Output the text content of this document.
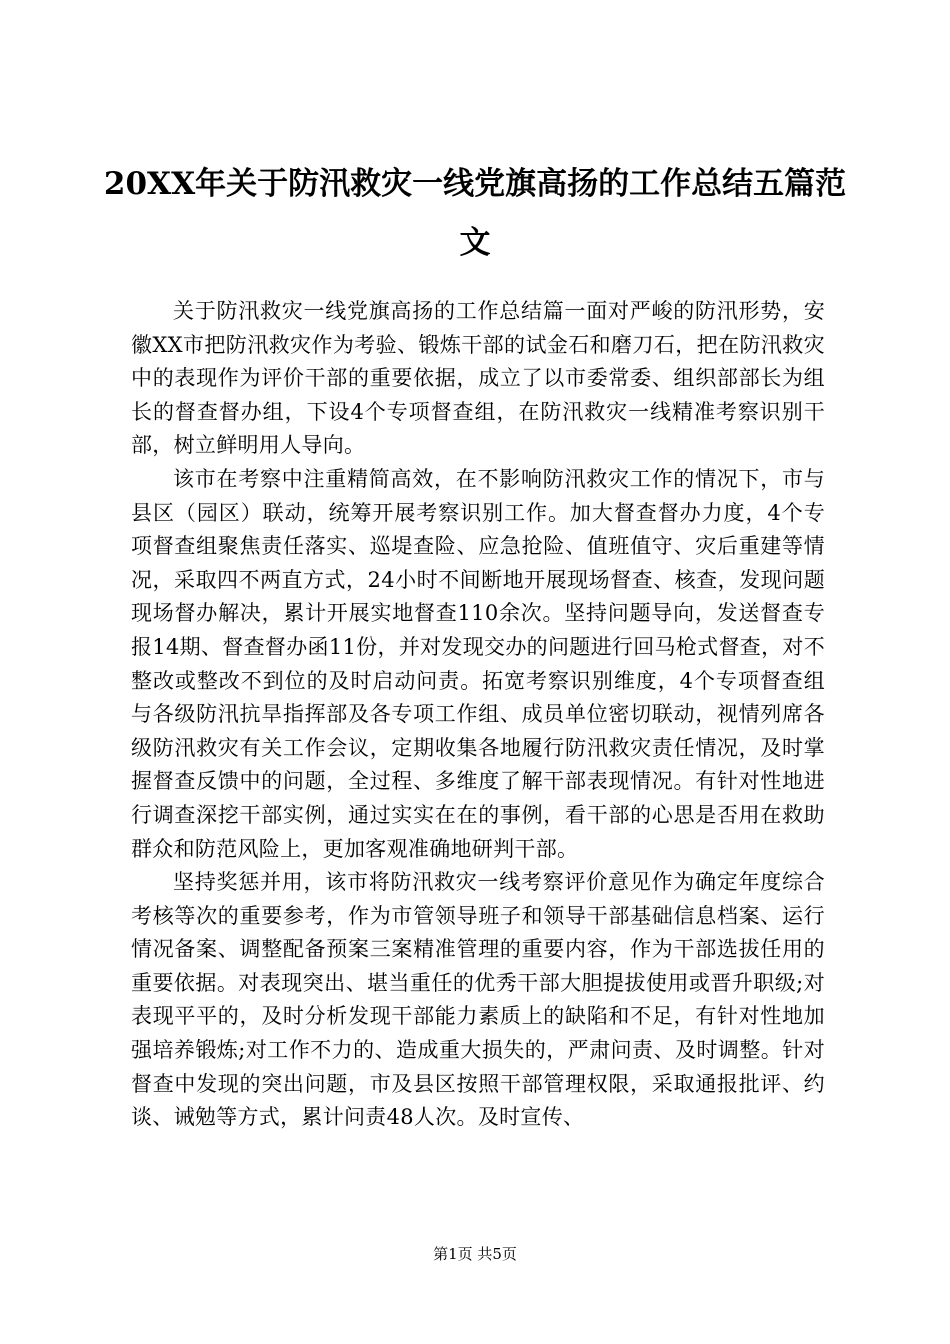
20XX年关于防汛救灾一线党旗高扬的工作总结五篇范文

关于防汛救灾一线党旗高扬的工作总结篇一面对严峻的防汛形势，安徽XX市把防汛救灾作为考验、锻炼干部的试金石和磨刀石，把在防汛救灾中的表现作为评价干部的重要依据，成立了以市委常委、组织部部长为组长的督查督办组，下设4个专项督查组，在防汛救灾一线精准考察识别干部，树立鲜明用人导向。

该市在考察中注重精简高效，在不影响防汛救灾工作的情况下，市与县区（园区）联动，统筹开展考察识别工作。加大督查督办力度，4个专项督查组聚焦责任落实、巡堤查险、应急抢险、值班值守、灾后重建等情况，采取四不两直方式，24小时不间断地开展现场督查、核查，发现问题现场督办解决，累计开展实地督查110余次。坚持问题导向，发送督查专报14期、督查督办函11份，并对发现交办的问题进行回马枪式督查，对不整改或整改不到位的及时启动问责。拓宽考察识别维度，4个专项督查组与各级防汛抗旱指挥部及各专项工作组、成员单位密切联动，视情列席各级防汛救灾有关工作会议，定期收集各地履行防汛救灾责任情况，及时掌握督查反馈中的问题，全过程、多维度了解干部表现情况。有针对性地进行调查深挖干部实例，通过实实在在的事例，看干部的心思是否用在救助群众和防范风险上，更加客观准确地研判干部。

坚持奖惩并用，该市将防汛救灾一线考察评价意见作为确定年度综合考核等次的重要参考，作为市管领导班子和领导干部基础信息档案、运行情况备案、调整配备预案三案精准管理的重要内容，作为干部选拔任用的重要依据。对表现突出、堪当重任的优秀干部大胆提拔使用或晋升职级;对表现平平的，及时分析发现干部能力素质上的缺陷和不足，有针对性地加强培养锻炼;对工作不力的、造成重大损失的，严肃问责、及时调整。针对督查中发现的突出问题，市及县区按照干部管理权限，采取通报批评、约谈、诫勉等方式，累计问责48人次。及时宣传、

第1页 共5页
